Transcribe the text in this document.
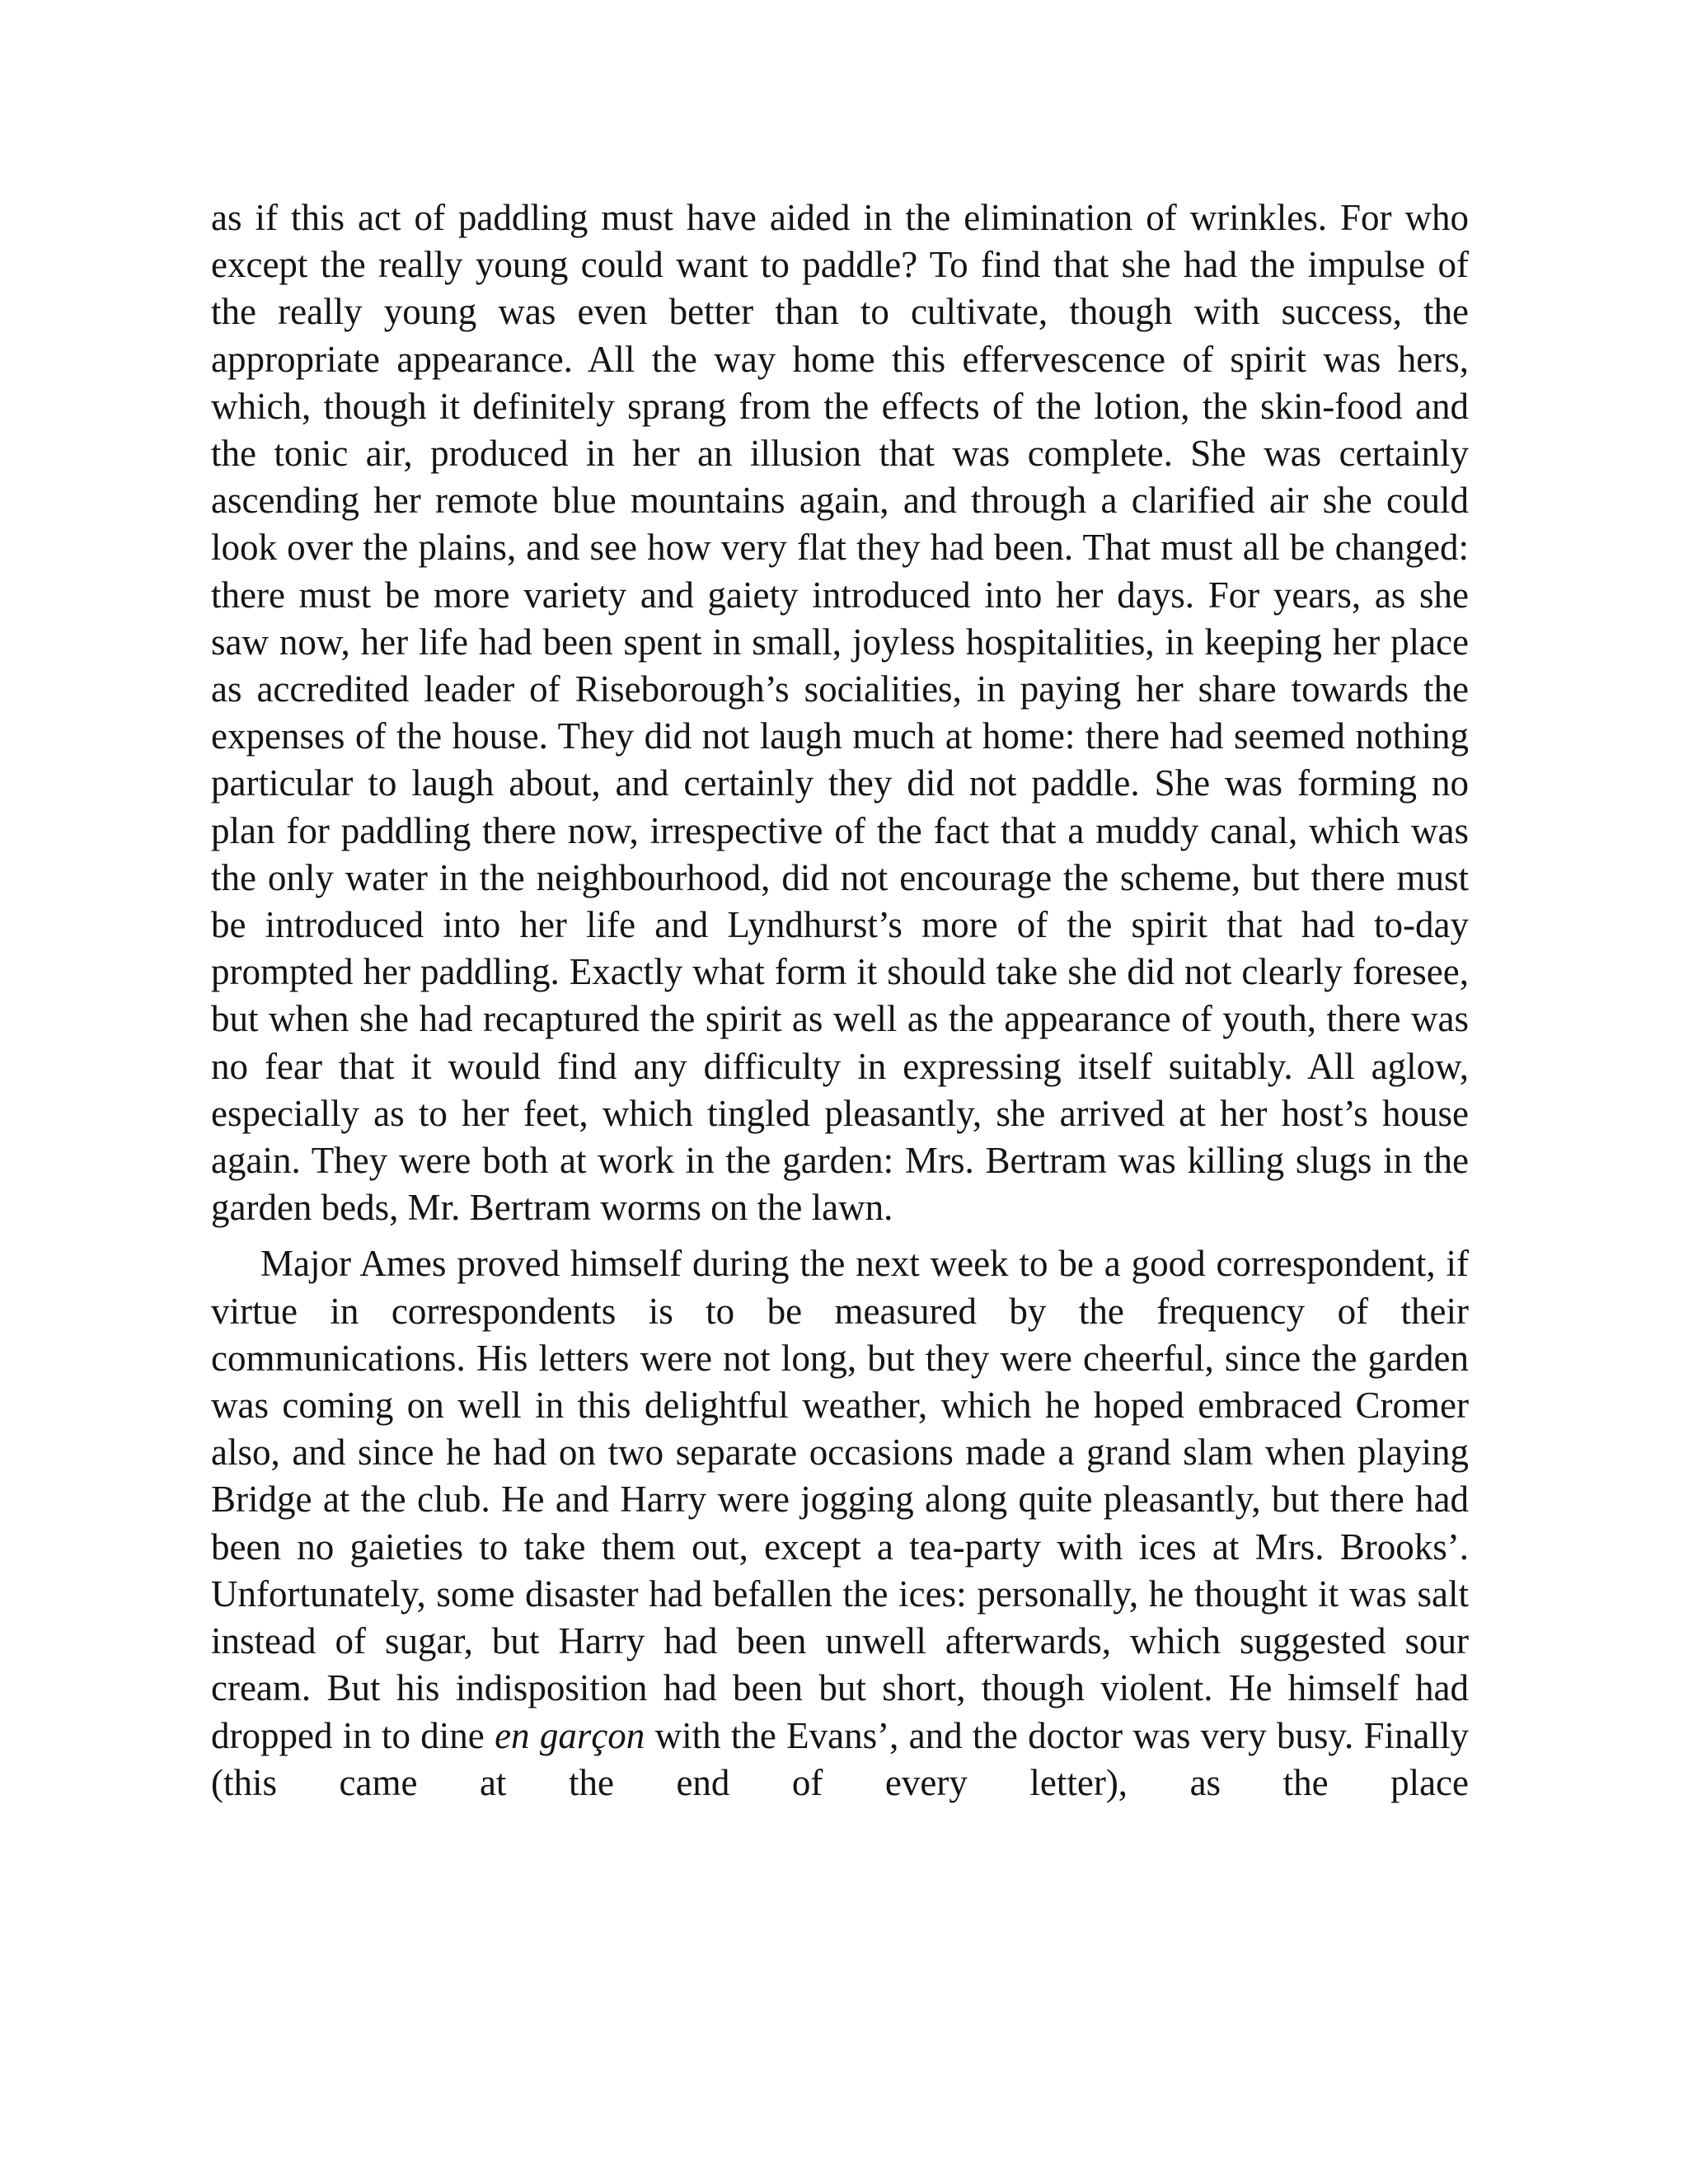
as if this act of paddling must have aided in the elimination of wrinkles. For who except the really young could want to paddle? To find that she had the impulse of the really young was even better than to cultivate, though with success, the appropriate appearance. All the way home this effervescence of spirit was hers, which, though it definitely sprang from the effects of the lotion, the skin-food and the tonic air, produced in her an illusion that was complete. She was certainly ascending her remote blue mountains again, and through a clarified air she could look over the plains, and see how very flat they had been. That must all be changed: there must be more variety and gaiety introduced into her days. For years, as she saw now, her life had been spent in small, joyless hospitalities, in keeping her place as accredited leader of Riseborough’s socialities, in paying her share towards the expenses of the house. They did not laugh much at home: there had seemed nothing particular to laugh about, and certainly they did not paddle. She was forming no plan for paddling there now, irrespective of the fact that a muddy canal, which was the only water in the neighbourhood, did not encourage the scheme, but there must be introduced into her life and Lyndhurst’s more of the spirit that had to-day prompted her paddling. Exactly what form it should take she did not clearly foresee, but when she had recaptured the spirit as well as the appearance of youth, there was no fear that it would find any difficulty in expressing itself suitably. All aglow, especially as to her feet, which tingled pleasantly, she arrived at her host’s house again. They were both at work in the garden: Mrs. Bertram was killing slugs in the garden beds, Mr. Bertram worms on the lawn.

Major Ames proved himself during the next week to be a good correspondent, if virtue in correspondents is to be measured by the frequency of their communications. His letters were not long, but they were cheerful, since the garden was coming on well in this delightful weather, which he hoped embraced Cromer also, and since he had on two separate occasions made a grand slam when playing Bridge at the club. He and Harry were jogging along quite pleasantly, but there had been no gaieties to take them out, except a tea-party with ices at Mrs. Brooks’. Unfortunately, some disaster had befallen the ices: personally, he thought it was salt instead of sugar, but Harry had been unwell afterwards, which suggested sour cream. But his indisposition had been but short, though violent. He himself had dropped in to dine en garçon with the Evans’, and the doctor was very busy. Finally (this came at the end of every letter), as the place
